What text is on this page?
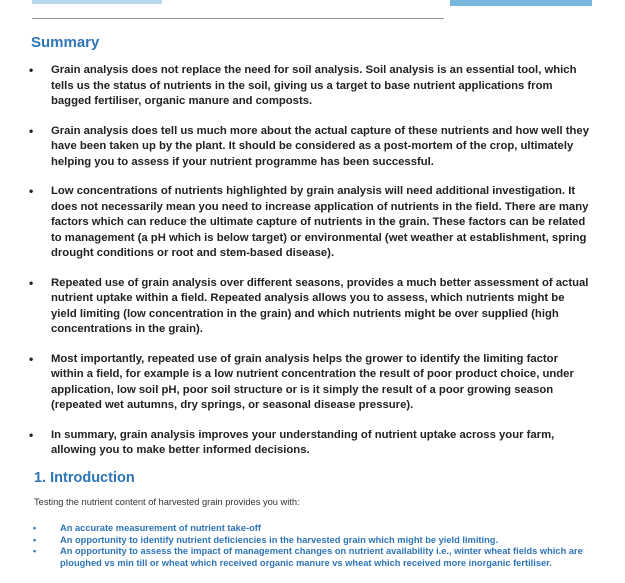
Summary
• Grain analysis does not replace the need for soil analysis. Soil analysis is an essential tool, which tells us the status of nutrients in the soil, giving us a target to base nutrient applications from bagged fertiliser, organic manure and composts.
• Grain analysis does tell us much more about the actual capture of these nutrients and how well they have been taken up by the plant. It should be considered as a post-mortem of the crop, ultimately helping you to assess if your nutrient programme has been successful.
• Low concentrations of nutrients highlighted by grain analysis will need additional investigation. It does not necessarily mean you need to increase application of nutrients in the field. There are many factors which can reduce the ultimate capture of nutrients in the grain. These factors can be related to management (a pH which is below target) or environmental (wet weather at establishment, spring drought conditions or root and stem-based disease).
• Repeated use of grain analysis over different seasons, provides a much better assessment of actual nutrient uptake within a field. Repeated analysis allows you to assess, which nutrients might be yield limiting (low concentration in the grain) and which nutrients might be over supplied (high concentrations in the grain).
• Most importantly, repeated use of grain analysis helps the grower to identify the limiting factor within a field, for example is a low nutrient concentration the result of poor product choice, under application, low soil pH, poor soil structure or is it simply the result of a poor growing season (repeated wet autumns, dry springs, or seasonal disease pressure).
• In summary, grain analysis improves your understanding of nutrient uptake across your farm, allowing you to make better informed decisions.
1. Introduction

Testing the nutrient content of harvested grain provides you with:

•	An accurate measurement of nutrient take-off
•	An opportunity to identify nutrient deficiencies in the harvested grain which might be yield limiting.
•	An opportunity to assess the impact of management changes on nutrient availability i.e., winter wheat fields which are ploughed vs min till or wheat which received organic manure vs wheat which received more inorganic fertiliser.
